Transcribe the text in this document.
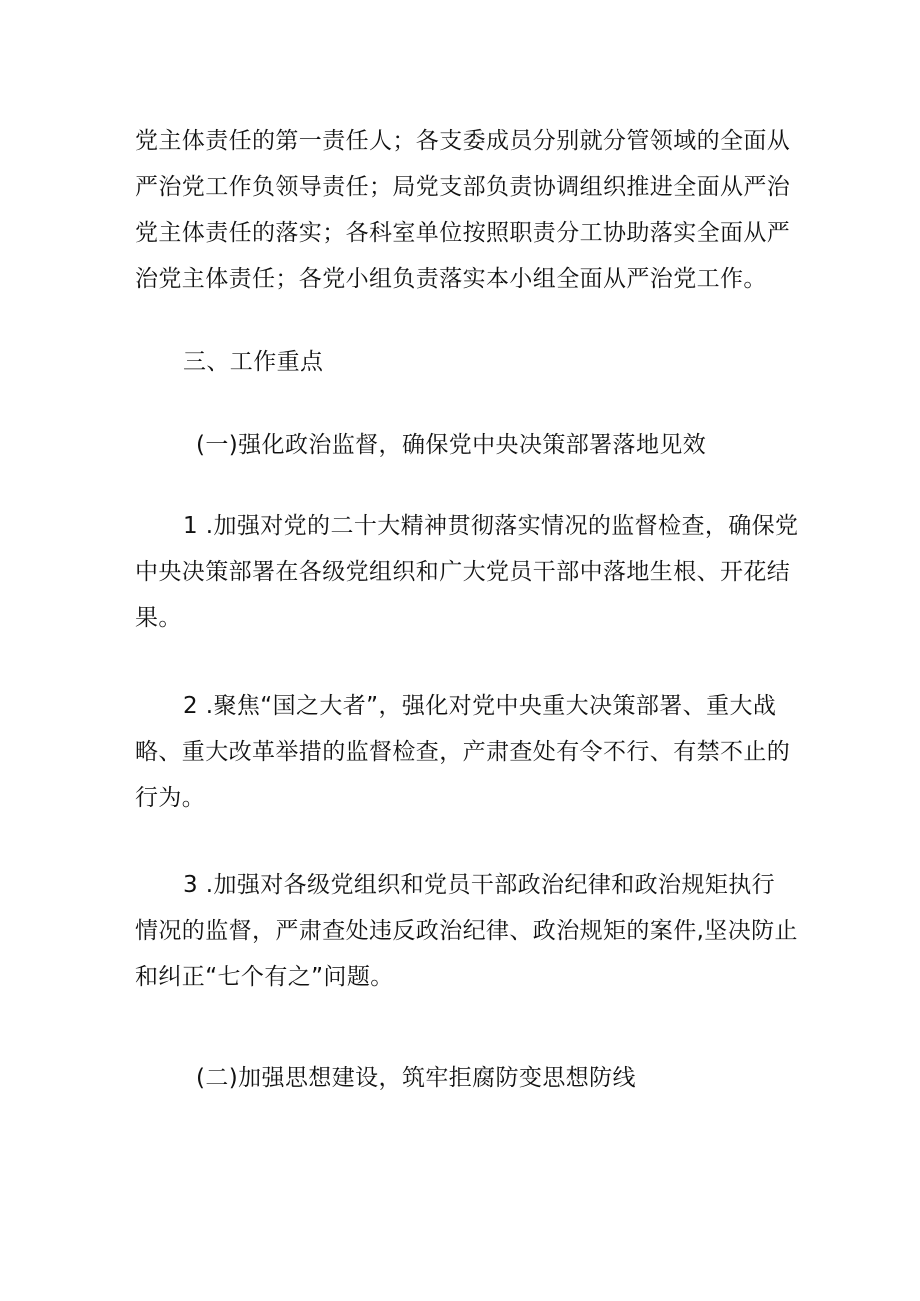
党主体责任的第一责任人；各支委成员分别就分管领域的全面从
严治党工作负领导责任；局党支部负责协调组织推进全面从严治
党主体责任的落实；各科室单位按照职责分工协助落实全面从严
治党主体责任；各党小组负责落实本小组全面从严治党工作。

三、工作重点
(一)强化政治监督，确保党中央决策部署落地见效

1 .加强对党的二十大精神贯彻落实情况的监督检查，确保党
中央决策部署在各级党组织和广大党员干部中落地生根、开花结
果。

2 .聚焦“国之大者”，强化对党中央重大决策部署、重大战
略、重大改革举措的监督检查，产肃查处有令不行、有禁不止的
行为。

3 .加强对各级党组织和党员干部政治纪律和政治规矩执行
情况的监督，严肃查处违反政治纪律、政治规矩的案件,坚决防止
和纠正“七个有之”问题。

(二)加强思想建设，筑牢拒腐防变思想防线
